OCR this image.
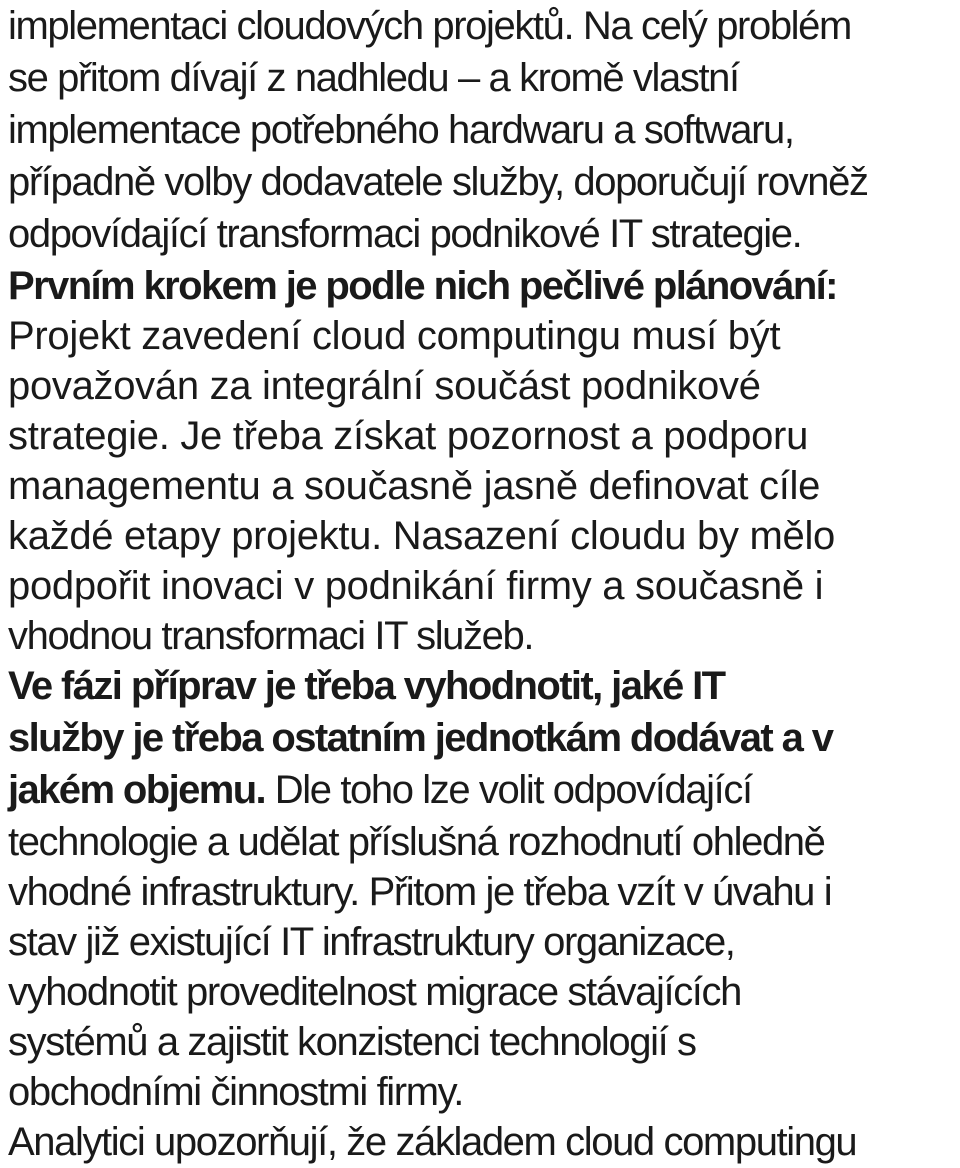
implementaci cloudových projektů. Na celý problém
se přitom dívají z nadhledu – a kromě vlastní
implementace potřebného hardwaru a softwaru,
případně volby dodavatele služby, doporučují rovněž
odpovídající transformaci podnikové IT strategie.
Prvním krokem je podle nich pečlivé plánování:
Projekt zavedení cloud computingu musí být
považován za integrální součást podnikové
strategie. Je třeba získat pozornost a podporu
managementu a současně jasně definovat cíle
každé etapy projektu. Nasazení cloudu by mělo
podpořit inovaci v podnikání firmy a současně i
vhodnou transformaci IT služeb.
Ve fázi příprav je třeba vyhodnotit, jaké IT
služby je třeba ostatním jednotkám dodávat a v
jakém objemu. Dle toho lze volit odpovídající
technologie a udělat příslušná rozhodnutí ohledně
vhodné infrastruktury. Přitom je třeba vzít v úvahu i
stav již existující IT infrastruktury organizace,
vyhodnotit proveditelnost migrace stávajících
systémů a zajistit konzistenci technologií s
obchodními činnostmi firmy.
Analytici upozorňují, že základem cloud computingu
